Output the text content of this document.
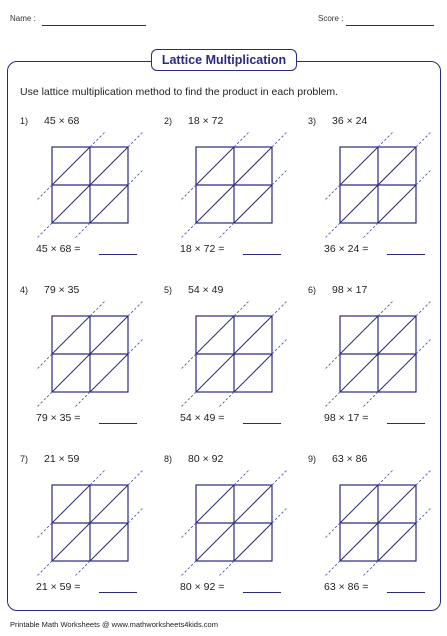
Name :	Score :
Lattice Multiplication
Use lattice multiplication method to find the product in each problem.
1) 45 × 68
45 × 68 =
2) 18 × 72
18 × 72 =
3) 36 × 24
36 × 24 =
4) 79 × 35
79 × 35 =
5) 54 × 49
54 × 49 =
6) 98 × 17
98 × 17 =
7) 21 × 59
21 × 59 =
8) 80 × 92
80 × 92 =
9) 63 × 86
63 × 86 =
Printable Math Worksheets @ www.mathworksheets4kids.com
